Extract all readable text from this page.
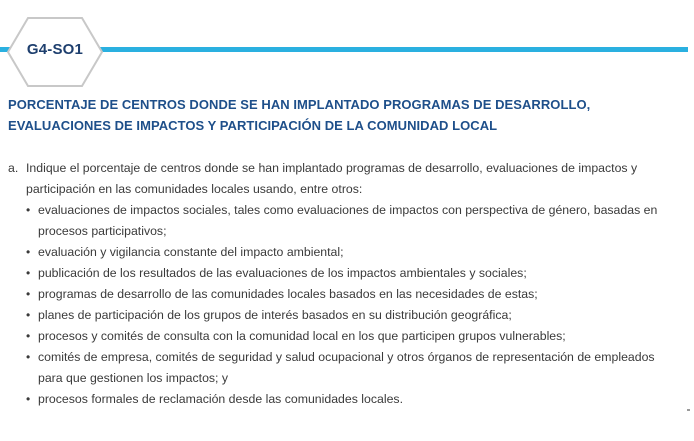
G4-SO1
PORCENTAJE DE CENTROS DONDE SE HAN IMPLANTADO PROGRAMAS DE DESARROLLO,
EVALUACIONES DE IMPACTOS Y PARTICIPACIÓN DE LA COMUNIDAD LOCAL
a. Indique el porcentaje de centros donde se han implantado programas de desarrollo, evaluaciones de impactos y participación en las comunidades locales usando, entre otros:
• evaluaciones de impactos sociales, tales como evaluaciones de impactos con perspectiva de género, basadas en procesos participativos;
• evaluación y vigilancia constante del impacto ambiental;
• publicación de los resultados de las evaluaciones de los impactos ambientales y sociales;
• programas de desarrollo de las comunidades locales basados en las necesidades de estas;
• planes de participación de los grupos de interés basados en su distribución geográfica;
• procesos y comités de consulta con la comunidad local en los que participen grupos vulnerables;
• comités de empresa, comités de seguridad y salud ocupacional y otros órganos de representación de empleados para que gestionen los impactos; y
• procesos formales de reclamación desde las comunidades locales.
